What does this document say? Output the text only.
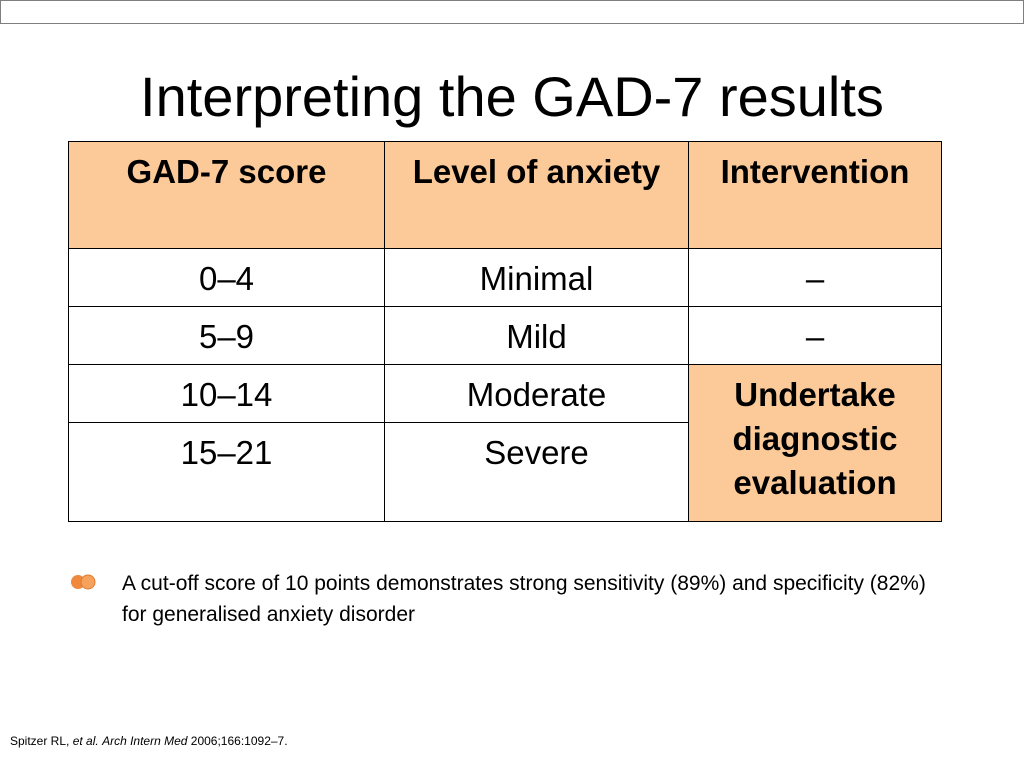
Interpreting the GAD-7 results
GAD-7 score	Level of anxiety	Intervention
0–4	Minimal	–
5–9	Mild	–
10–14	Moderate	Undertake diagnostic evaluation
15–21	Severe	
A cut-off score of 10 points demonstrates strong sensitivity (89%) and specificity (82%) for generalised anxiety disorder
Spitzer RL, et al. Arch Intern Med 2006;166:1092–7.
